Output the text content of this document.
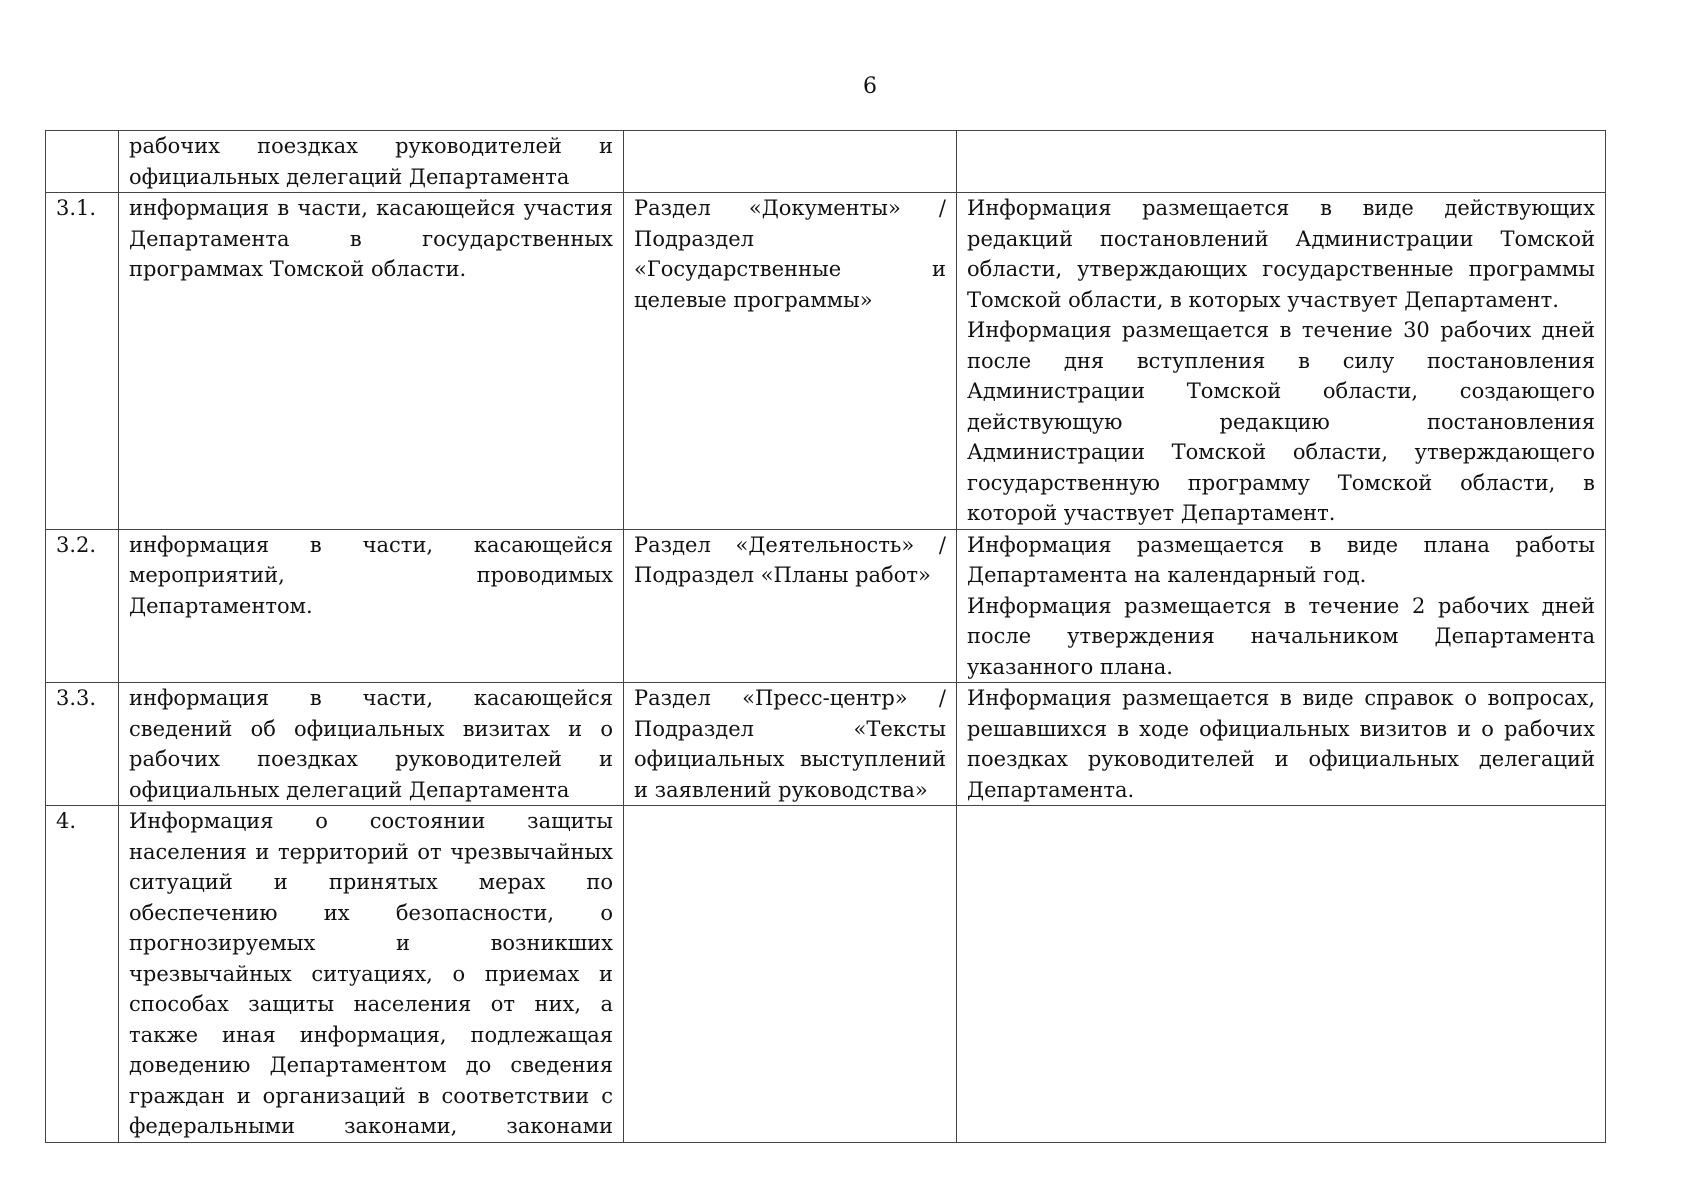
6

	рабочих поездках руководителей и официальных делегаций Департамента		

3.1.	информация в части, касающейся участия Департамента в государственных программах Томской области.	Раздел «Документы» / Подраздел «Государственные и целевые программы»	Информация размещается в виде действующих редакций постановлений Администрации Томской области, утверждающих государственные программы Томской области, в которых участвует Департамент.
Информация размещается в течение 30 рабочих дней после дня вступления в силу постановления Администрации Томской области, создающего действующую редакцию постановления Администрации Томской области, утверждающего государственную программу Томской области, в которой участвует Департамент.

3.2.	информация в части, касающейся мероприятий, проводимых Департаментом.	Раздел «Деятельность» / Подраздел «Планы работ»	Информация размещается в виде плана работы Департамента на календарный год.
Информация размещается в течение 2 рабочих дней после утверждения начальником Департамента указанного плана.

3.3.	информация в части, касающейся сведений об официальных визитах и о рабочих поездках руководителей и официальных делегаций Департамента	Раздел «Пресс-центр» / Подраздел «Тексты официальных выступлений и заявлений руководства»	Информация размещается в виде справок о вопросах, решавшихся в ходе официальных визитов и о рабочих поездках руководителей и официальных делегаций Департамента.

4.	Информация о состоянии защиты населения и территорий от чрезвычайных ситуаций и принятых мерах по обеспечению их безопасности, о прогнозируемых и возникших чрезвычайных ситуациях, о приемах и способах защиты населения от них, а также иная информация, подлежащая доведению Департаментом до сведения граждан и организаций в соответствии с федеральными законами, законами		
